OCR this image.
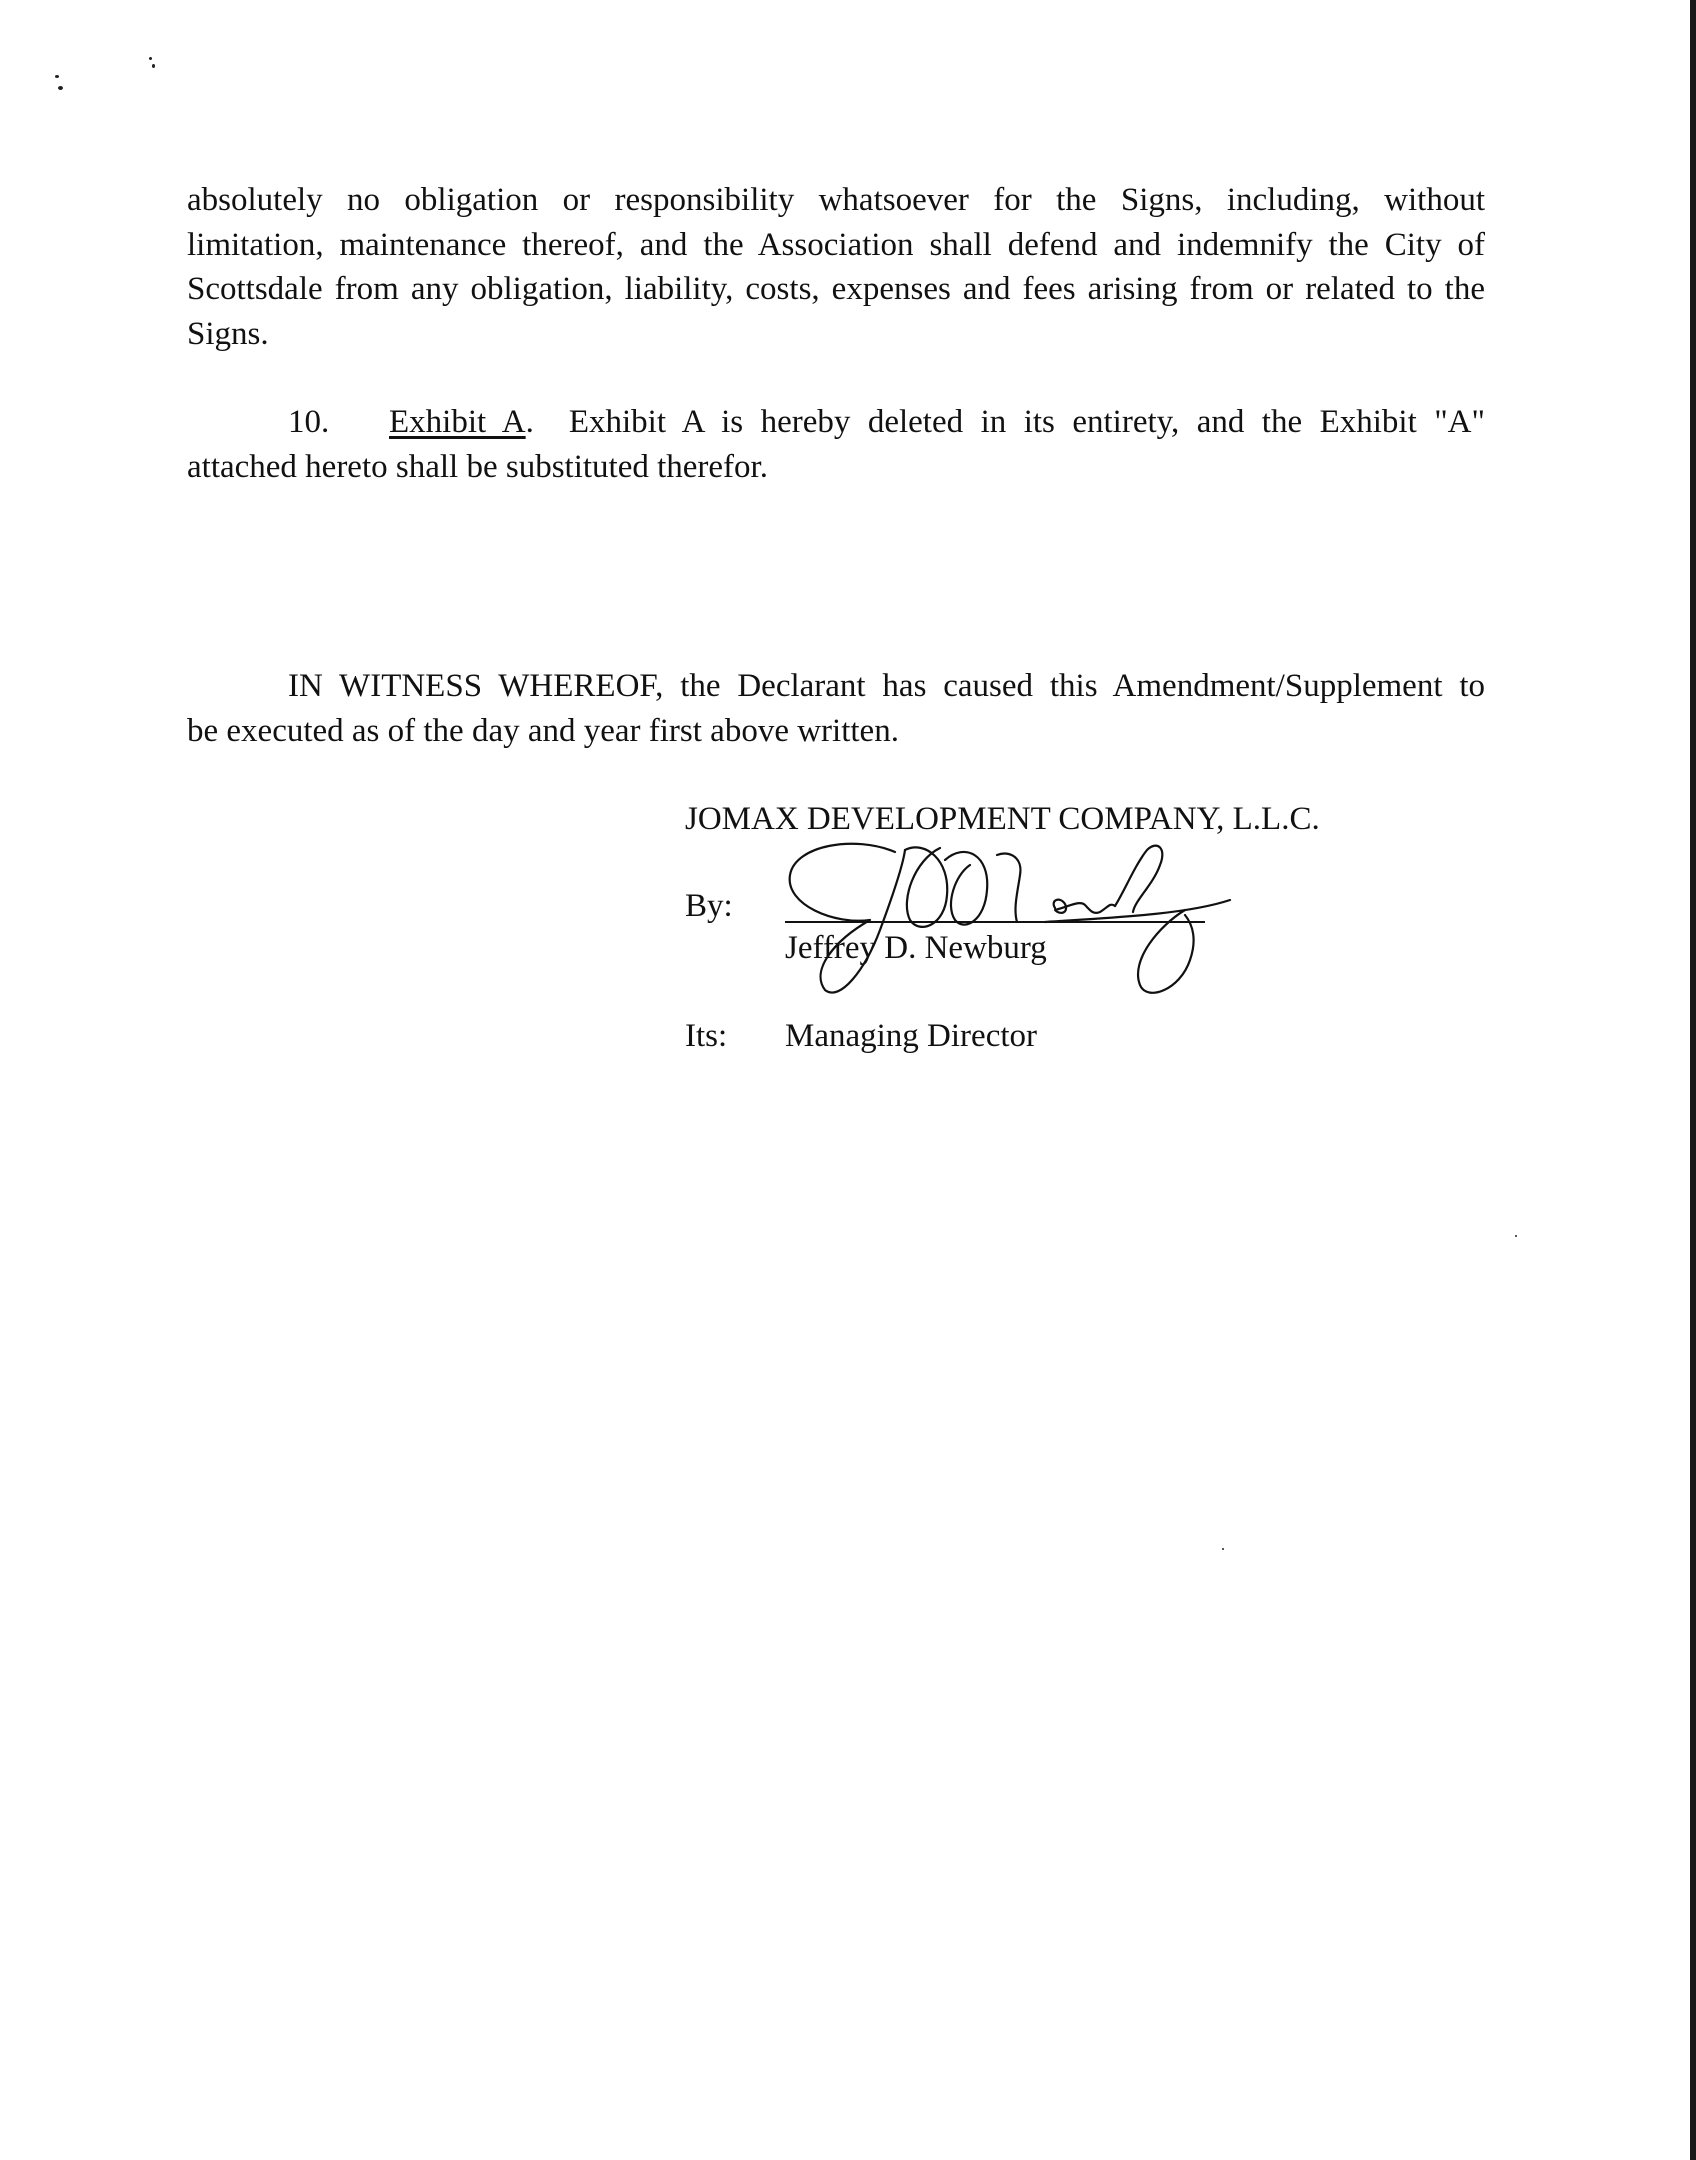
absolutely no obligation or responsibility whatsoever for the Signs, including, without
limitation, maintenance thereof, and the Association shall defend and indemnify the City of
Scottsdale from any obligation, liability, costs, expenses and fees arising from or related to the
Signs.

10. Exhibit A. Exhibit A is hereby deleted in its entirety, and the Exhibit "A"
attached hereto shall be substituted therefor.

IN WITNESS WHEREOF, the Declarant has caused this Amendment/Supplement to
be executed as of the day and year first above written.

JOMAX DEVELOPMENT COMPANY, L.L.C.
By:
Jeffrey D. Newburg
Its: Managing Director
